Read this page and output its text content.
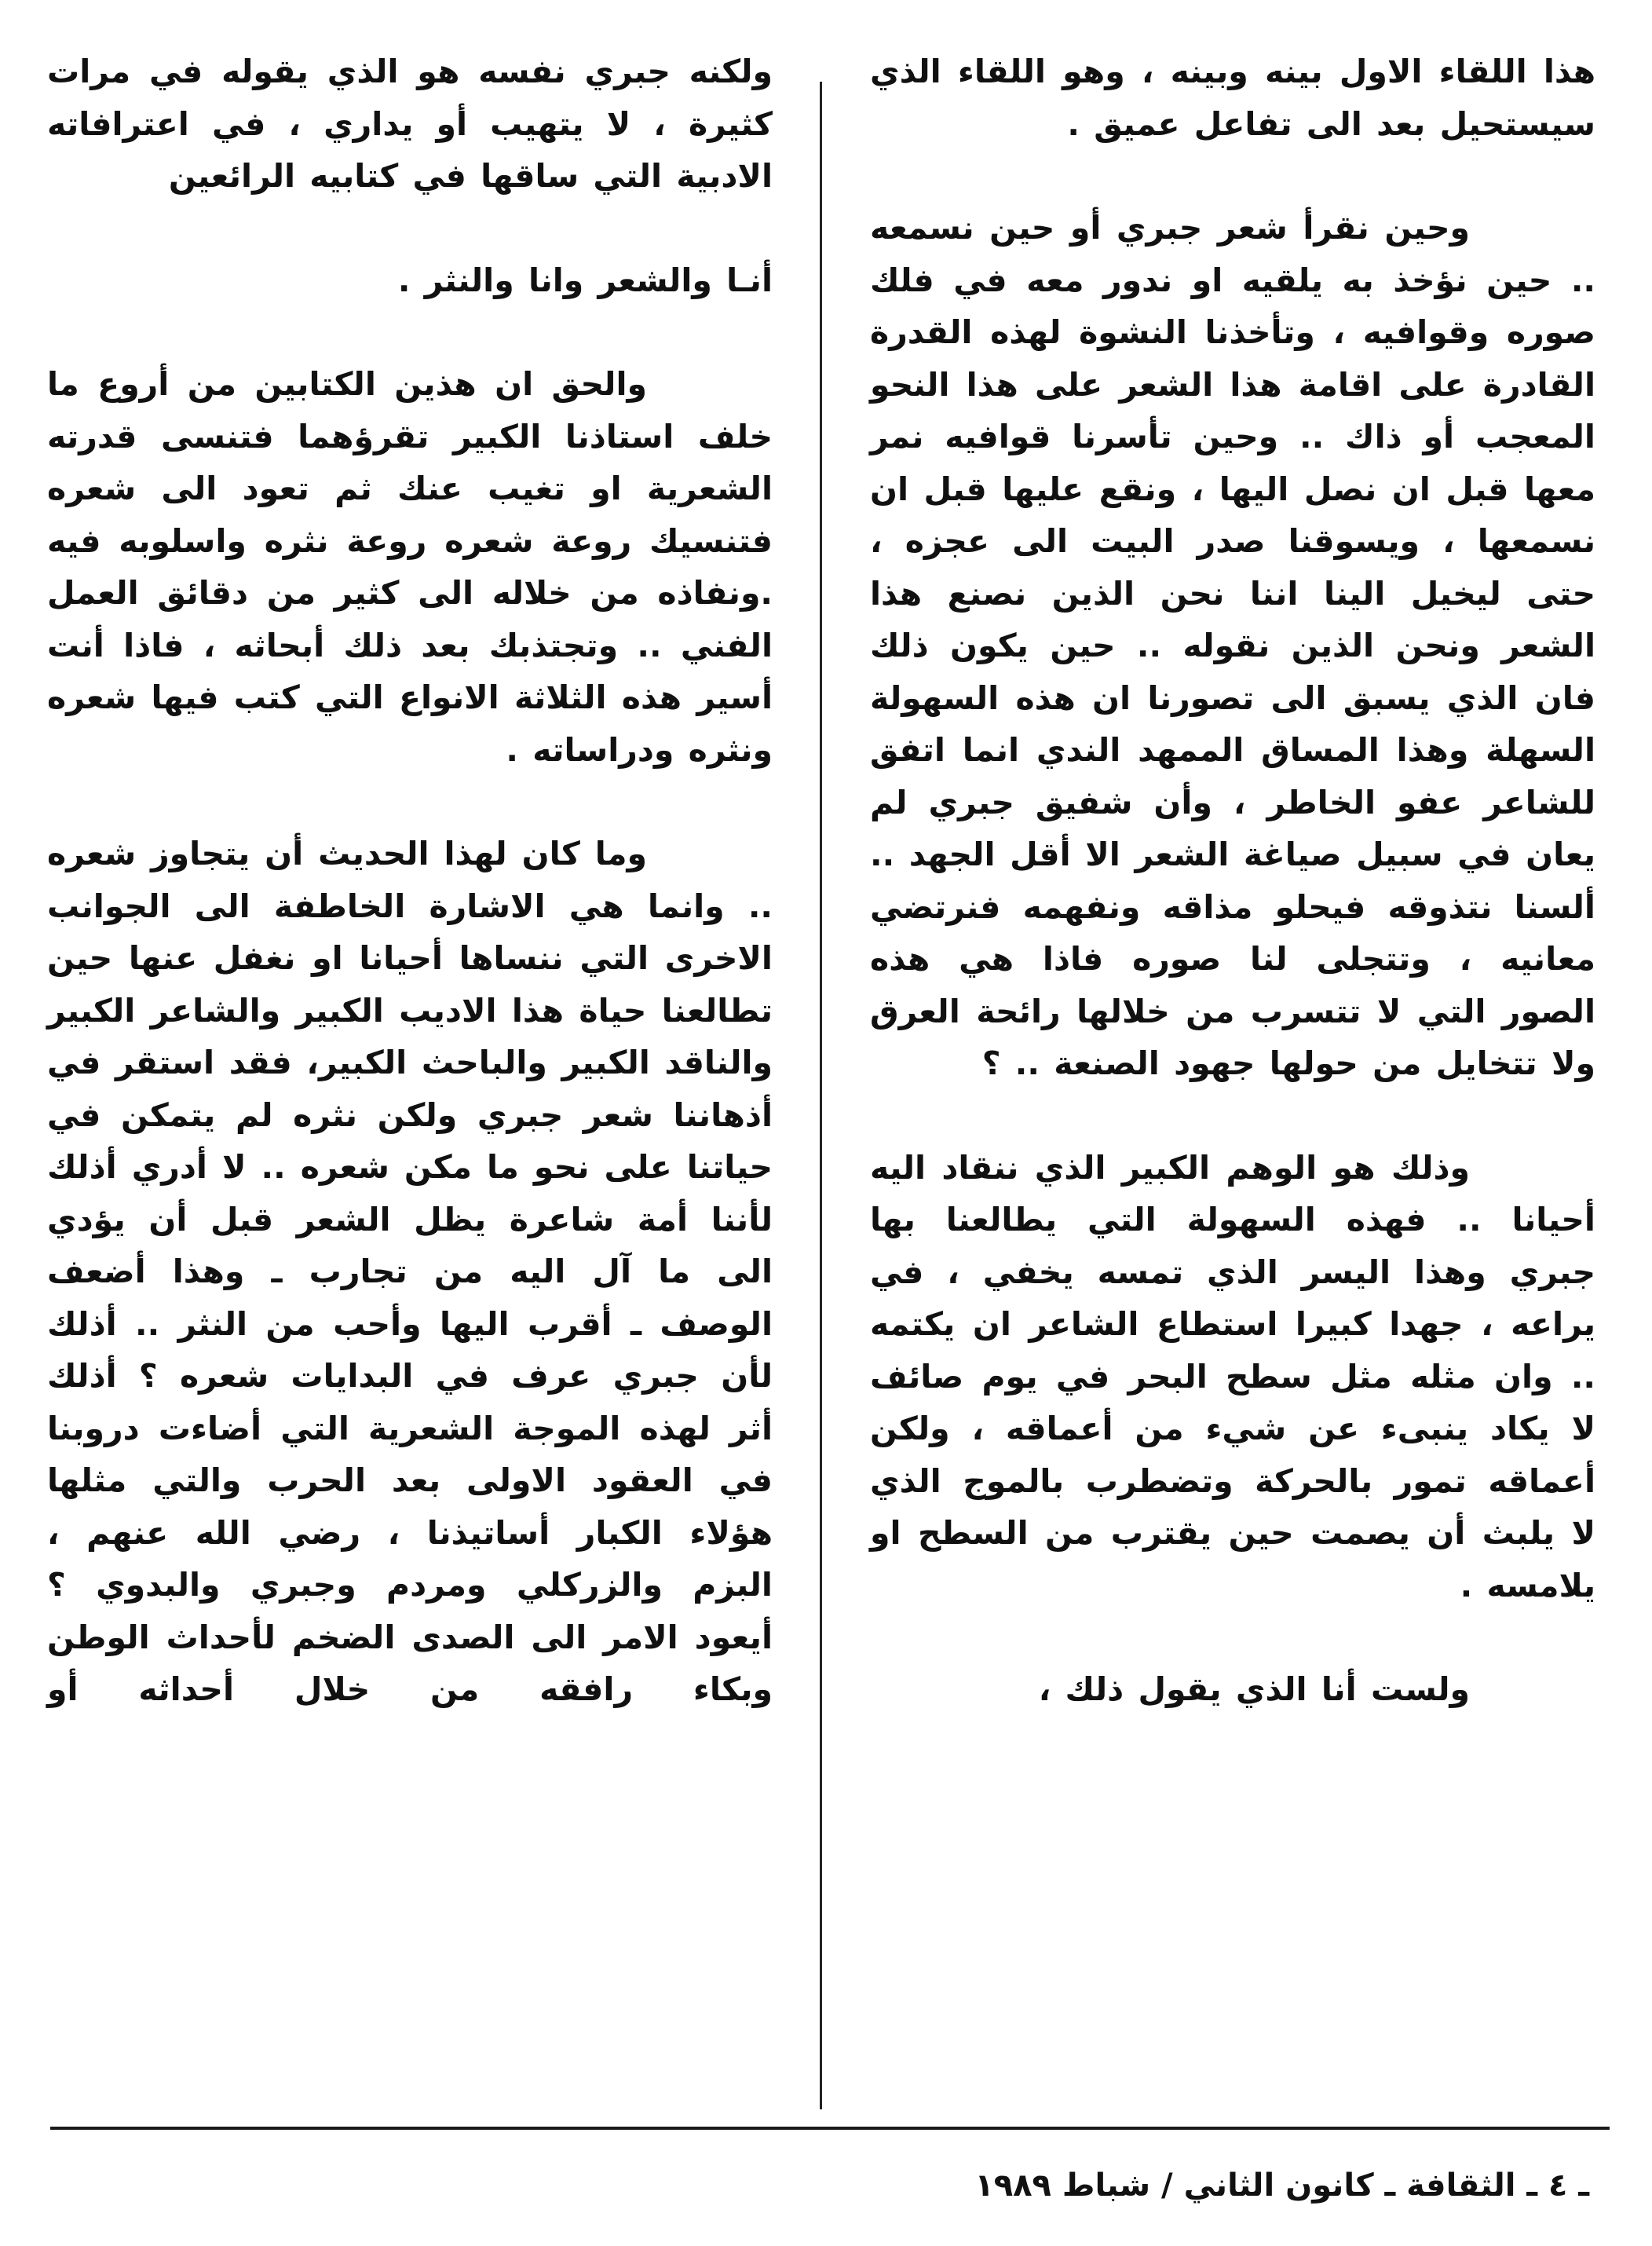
هذا اللقاء الاول بينه وبينه ، وهو اللقاء الذي سيستحيل بعد الى تفاعل عميق .

وحين نقرأ شعر جبري أو حين نسمعه .. حين نؤخذ به يلقيه او ندور معه في فلك صوره وقوافيه ، وتأخذنا النشوة لهذه القدرة القادرة على اقامة هذا الشعر على هذا النحو المعجب أو ذاك .. وحين تأسرنا قوافيه نمر معها قبل ان نصل اليها ، ونقع عليها قبل ان نسمعها ، ويسوقنا صدر البيت الى عجزه ، حتى ليخيل الينا اننا نحن الذين نصنع هذا الشعر ونحن الذين نقوله .. حين يكون ذلك فان الذي يسبق الى تصورنا ان هذه السهولة السهلة وهذا المساق الممهد الندي انما اتفق للشاعر عفو الخاطر ، وأن شفيق جبري لم يعان في سبيل صياغة الشعر الا أقل الجهد .. ألسنا نتذوقه فيحلو مذاقه ونفهمه فنرتضي معانيه ، وتتجلى لنا صوره فاذا هي هذه الصور التي لا تتسرب من خلالها رائحة العرق ولا تتخايل من حولها جهود الصنعة .. ؟

وذلك هو الوهم الكبير الذي ننقاد اليه أحيانا .. فهذه السهولة التي يطالعنا بها جبري وهذا اليسر الذي تمسه يخفي ، في يراعه ، جهدا كبيرا استطاع الشاعر ان يكتمه .. وان مثله مثل سطح البحر في يوم صائف لا يكاد ينبىء عن شيء من أعماقه ، ولكن أعماقه تمور بالحركة وتضطرب بالموج الذي لا يلبث أن يصمت حين يقترب من السطح او يلامسه .

ولست أنا الذي يقول ذلك ،

ولكنه جبري نفسه هو الذي يقوله في مرات كثيرة ، لا يتهيب أو يداري ، في اعترافاته الادبية التي ساقها في كتابيه الرائعين

أنـا والشعر وانا والنثر .

والحق ان هذين الكتابين من أروع ما خلف استاذنا الكبير تقرؤهما فتنسى قدرته الشعرية او تغيب عنك ثم تعود الى شعره فتنسيك روعة شعره روعة نثره واسلوبه فيه .ونفاذه من خلاله الى كثير من دقائق العمل الفني .. وتجتذبك بعد ذلك أبحاثه ، فاذا أنت أسير هذه الثلاثة الانواع التي كتب فيها شعره ونثره ودراساته .

وما كان لهذا الحديث أن يتجاوز شعره .. وانما هي الاشارة الخاطفة الى الجوانب الاخرى التي ننساها أحيانا او نغفل عنها حين تطالعنا حياة هذا الاديب الكبير والشاعر الكبير والناقد الكبير والباحث الكبير، فقد استقر في أذهاننا شعر جبري ولكن نثره لم يتمكن في حياتنا على نحو ما مكن شعره .. لا أدري أذلك لأننا أمة شاعرة يظل الشعر قبل أن يؤدي الى ما آل اليه من تجارب ـ وهذا أضعف الوصف ـ أقرب اليها وأحب من النثر .. أذلك لأن جبري عرف في البدايات شعره ؟ أذلك أثر لهذه الموجة الشعرية التي أضاءت دروبنا في العقود الاولى بعد الحرب والتي مثلها هؤلاء الكبار أساتيذنا ، رضي الله عنهم ، البزم والزركلي ومردم وجبري والبدوي ؟ أيعود الامر الى الصدى الضخم لأحداث الوطن وبكاء رافقه من خلال أحداثه أو

ـ ٤ ـ الثقافة ـ كانون الثاني / شباط ١٩٨٩
